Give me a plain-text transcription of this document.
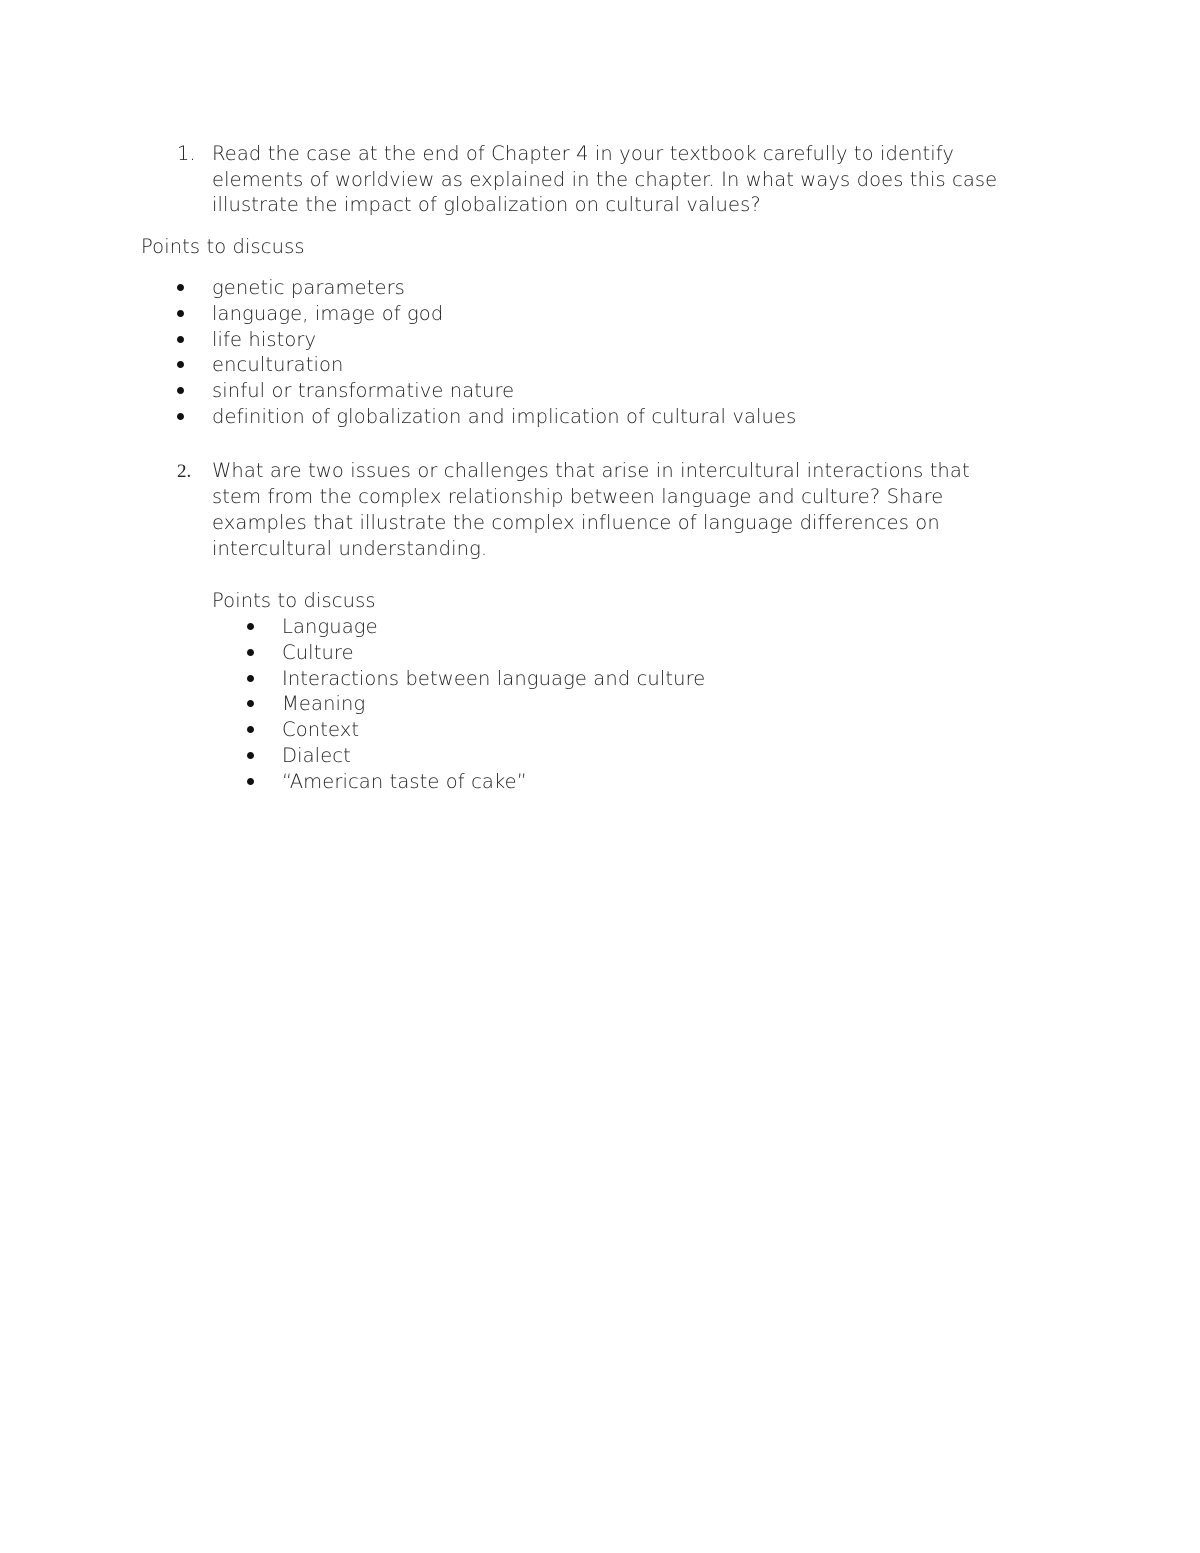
1. Read the case at the end of Chapter 4 in your textbook carefully to identify
elements of worldview as explained in the chapter. In what ways does this case
illustrate the impact of globalization on cultural values?
Points to discuss
genetic parameters
language, image of god
life history
enculturation
sinful or transformative nature
definition of globalization and implication of cultural values
2. What are two issues or challenges that arise in intercultural interactions that
stem from the complex relationship between language and culture? Share
examples that illustrate the complex influence of language differences on
intercultural understanding.
Points to discuss
Language
Culture
Interactions between language and culture
Meaning
Context
Dialect
“American taste of cake”
